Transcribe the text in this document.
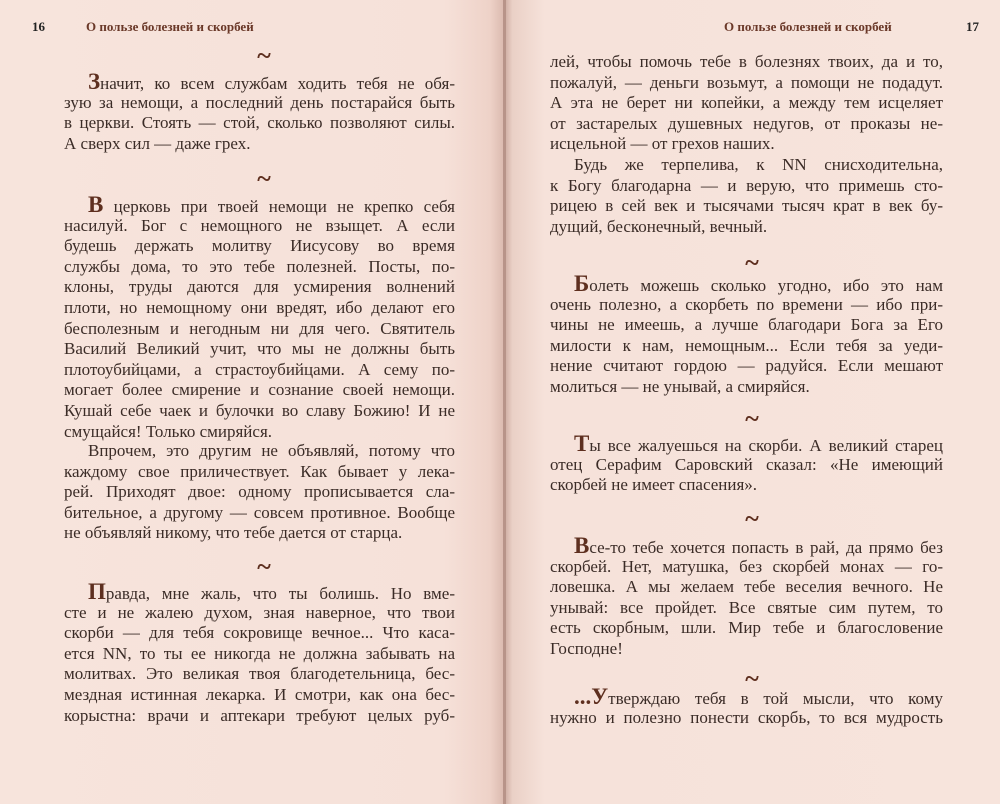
16	О пользе болезней и скорбей
~
~
~
Значит, ко всем службам ходить тебя не обя-
зую за немощи, а последний день постарайся быть
в церкви. Стоять — стой, сколько позволяют силы.
А сверх сил — даже грех.
В церковь при твоей немощи не крепко себя
насилуй. Бог с немощного не взыщет. А если
будешь держать молитву Иисусову во время
службы дома, то это тебе полезней. Посты, по-
клоны, труды даются для усмирения волнений
плоти, но немощному они вредят, ибо делают его
бесполезным и негодным ни для чего. Святитель
Василий Великий учит, что мы не должны быть
плотоубийцами, а страстоубийцами. А сему по-
могает более смирение и сознание своей немощи.
Кушай себе чаек и булочки во славу Божию! И не
смущайся! Только смиряйся.
Впрочем, это другим не объявляй, потому что
каждому свое приличествует. Как бывает у лека-
рей. Приходят двое: одному прописывается сла-
бительное, а другому — совсем противное. Вообще
не объявляй никому, что тебе дается от старца.
Правда, мне жаль, что ты болишь. Но вме-
сте и не жалею духом, зная наверное, что твои
скорби — для тебя сокровище вечное... Что каса-
ется NN, то ты ее никогда не должна забывать на
молитвах. Это великая твоя благодетельница, бес-
мездная истинная лекарка. И смотри, как она бес-
корыстна: врачи и аптекари требуют целых руб-
О пользе болезней и скорбей	17
~
~
~
~
лей, чтобы помочь тебе в болезнях твоих, да и то,
пожалуй, — деньги возьмут, а помощи не подадут.
А эта не берет ни копейки, а между тем исцеляет
от застарелых душевных недугов, от проказы не-
исцельной — от грехов наших.
Будь же терпелива, к NN снисходительна,
к Богу благодарна — и верую, что примешь сто-
рицею в сей век и тысячами тысяч крат в век бу-
дущий, бесконечный, вечный.
Болеть можешь сколько угодно, ибо это нам
очень полезно, а скорбеть по времени — ибо при-
чины не имеешь, а лучше благодари Бога за Его
милости к нам, немощным... Если тебя за уеди-
нение считают гордою — радуйся. Если мешают
молиться — не унывай, а смиряйся.
Ты все жалуешься на скорби. А великий старец
отец Серафим Саровский сказал: «Не имеющий
скорбей не имеет спасения».
Все-то тебе хочется попасть в рай, да прямо без
скорбей. Нет, матушка, без скорбей монах — го-
ловешка. А мы желаем тебе веселия вечного. Не
унывай: все пройдет. Все святые сим путем, то
есть скорбным, шли. Мир тебе и благословение
Господне!
...Утверждаю тебя в той мысли, что кому
нужно и полезно понести скорбь, то вся мудрость
